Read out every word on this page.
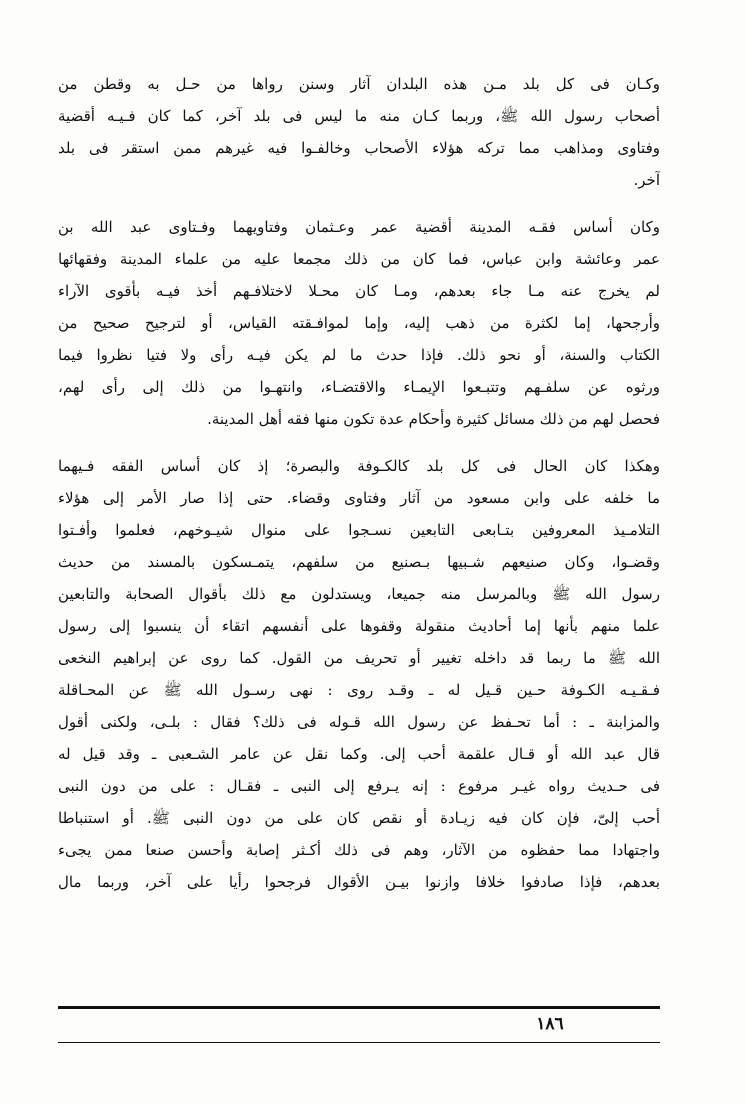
وكـان فى كل بلد مـن هذه البلدان آثار وسنن رواها من حـل به وقطن من
أصحاب رسول الله ﷺ، وربما كـان منه ما ليس فى بلد آخر، كما كان فـيـه أقضية
وفتاوى ومذاهب مما تركه هؤلاء الأصحاب وخالفـوا فيه غيرهم ممن استقر فى بلد
آخر.
وكان أساس فقـه المدينة أقضية عمر وعـثمان وفتاويهما وفـتاوى عبد الله بن
عمر وعائشة وابن عباس، فما كان من ذلك مجمعا عليه من علماء المدينة وفقهائها
لم يخرج عنه مـا جاء بعدهم، ومـا كان محـلا لاختلافـهم أخذ فيـه بأقوى الآراء
وأرجحها، إما لكثرة من ذهب إليه، وإما لموافـقته القياس، أو لترجيح صحيح من
الكتاب والسنة، أو نحو ذلك. فإذا حدث ما لم يكن فيـه رأى ولا فتيا نظروا فيما
ورثوه عن سلفـهم وتتبـعوا الإيمـاء والاقتضـاء، وانتهـوا من ذلك إلى رأى لهم،
فحصل لهم من ذلك مسائل كثيرة وأحكام عدة تكون منها فقه أهل المدينة.
وهكذا كان الحال فى كل بلد كالكـوفة والبصرة؛ إذ كان أساس الفقه فـيهما
ما خلفه على وابن مسعود من آثار وفتاوى وقضاء. حتى إذا صار الأمر إلى هؤلاء
التلامـيذ المعروفين بتـابعى التابعين نسـجوا على منوال شيـوخهم، فعلموا وأفـتوا
وقضـوا، وكان صنيعهم شـبيها بـصنيع من سلفهم، يتمـسكون بالمسند من حديث
رسول الله ﷺ وبالمرسل منه جميعا، ويستدلون مع ذلك بأقوال الصحابة والتابعين
علما منهم بأنها إما أحاديث منقولة وقفوها على أنفسهم اتقاء أن ينسبوا إلى رسول
الله ﷺ ما ربما قد داخله تغيير أو تحريف من القول. كما روى عن إبراهيم النخعى
فـقـيـه الكـوفة حـين قـيل له ـ وقـد روى : نهى رسـول الله ﷺ عن المحـاقلة
والمزابنة ـ : أما تحـفظ عن رسول الله قـوله فى ذلك؟ فقال : بلـى، ولكنى أقول
قال عبد الله أو قـال علقمة أحب إلى. وكما نقل عن عامر الشـعبى ـ وقد قيل له
فى حـديث رواه غيـر مرفوع : إنه يـرفع إلى النبى ـ فقـال : على من دون النبى
أحب إلىّ، فإن كان فيه زيـادة أو نقص كان على من دون النبى ﷺ. أو استنباطا
واجتهادا مما حفظوه من الآثار، وهم فى ذلك أكـثر إصابة وأحسن صنعا ممن يجىء
بعدهم، فإذا صادفوا خلافا وازنوا بيـن الأقوال فرجحوا رأيا على آخر، وربما مال
١٨٦
